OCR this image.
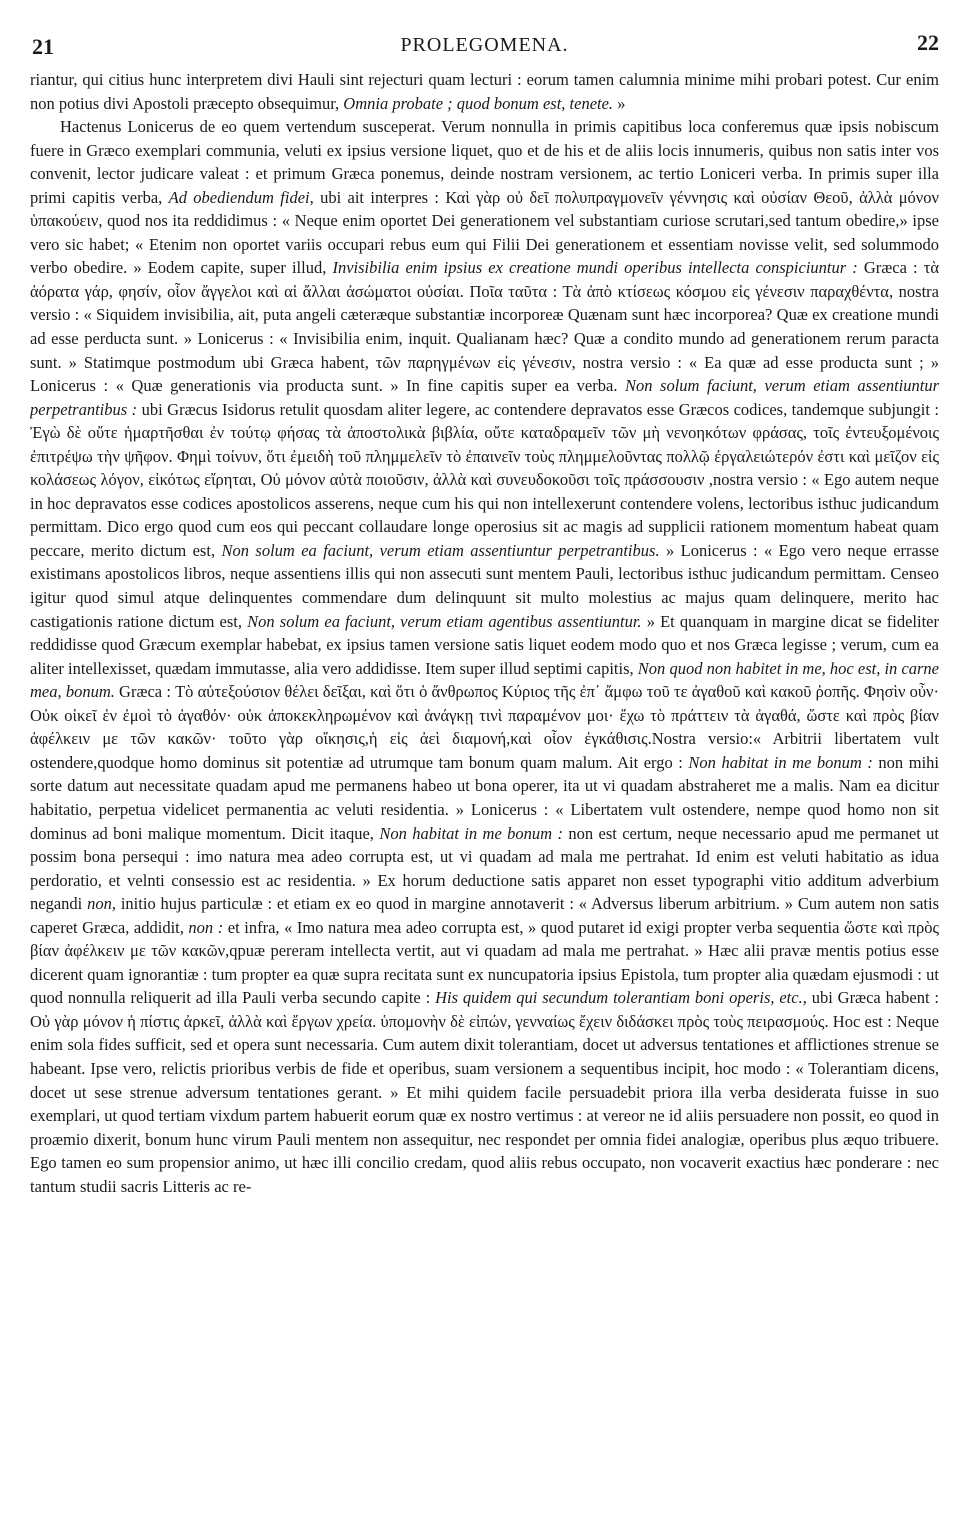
21	PROLEGOMENA.	22

riantur, qui citius hunc interpretem divi Hauli sint rejecturi quam lecturi : eorum tamen calumnia minime mihi probari potest. Cur enim non potius divi Apostoli præcepto obsequimur, Omnia probate ; quod bonum est, tenete. »

Hactenus Lonicerus de eo quem vertendum susceperat. Verum nonnulla in primis capitibus loca conferemus quæ ipsis nobiscum fuere in Græco exemplari communia, veluti ex ipsius versione liquet, quo et de his et de aliis locis innumeris, quibus non satis inter vos convenit, lector judicare valeat : et primum Græca ponemus, deinde nostram versionem, ac tertio Loniceri verba. In primis super illa primi capitis verba, Ad obediendum fidei, ubi ait interpres : Καὶ γὰρ οὐ δεῖ πολυπραγμονεῖν γέννησις καὶ οὐσίαν Θεοῦ, ἀλλὰ μόνον ὑπακούειν, quod nos ita reddidimus : « Neque enim oportet Dei generationem vel substantiam curiose scrutari,sed tantum obedire,» ipse vero sic habet; « Etenim non oportet variis occupari rebus eum qui Filii Dei generationem et essentiam novisse velit, sed solummodo verbo obedire. » Eodem capite, super illud, Invisibilia enim ipsius ex creatione mundi operibus intellecta conspiciuntur : Græca : τὰ ἀόρατα γάρ, φησίν, οἷον ἄγγελοι καὶ αἱ ἄλλαι ἀσώματοι οὐσίαι. Ποῖα ταῦτα : Τὰ ἀπὸ κτίσεως κόσμου εἰς γένεσιν παραχθέντα, nostra versio : « Siquidem invisibilia, ait, puta angeli cæteræque substantiæ incorporeæ Quænam sunt hæc incorporea? Quæ ex creatione mundi ad esse perducta sunt. » Lonicerus : « Invisibilia enim, inquit. Qualianam hæc? Quæ a condito mundo ad generationem rerum paracta sunt. » Statimque postmodum ubi Græca habent, τῶν παρηγμένων εἰς γένεσιν, nostra versio : « Ea quæ ad esse producta sunt ; » Lonicerus : « Quæ generationis via producta sunt. » In fine capitis super ea verba. Non solum faciunt, verum etiam assentiuntur perpetrantibus : ubi Græcus Isidorus retulit quosdam aliter legere, ac contendere depravatos esse Græcos codices, tandemque subjungit : Ἐγὼ δὲ οὔτε ἡμαρτῆσθαι ἐν τούτῳ φήσας τὰ ἀποστολικὰ βιβλία, οὔτε καταδραμεῖν τῶν μὴ νενοηκότων φράσας, τοῖς ἐντευξομένοις ἐπιτρέψω τὴν ψῆφον. Φημὶ τοίνυν, ὅτι ἐμειδὴ τοῦ πλημμελεῖν τὸ ἐπαινεῖν τοὺς πλημμελοῦντας πολλῷ ἐργαλειώτερόν ἐστι καὶ μεῖζον εἰς κολάσεως λόγον, εἰκότως εἴρηται, Οὐ μόνον αὐτὰ ποιοῦσιν, ἀλλὰ καὶ συνευδοκοῦσι τοῖς πράσσουσιν ,nostra versio : « Ego autem neque in hoc depravatos esse codices apostolicos asserens, neque cum his qui non intellexerunt contendere volens, lectoribus isthuc judicandum permittam. Dico ergo quod cum eos qui peccant collaudare longe operosius sit ac magis ad supplicii rationem momentum habeat quam peccare, merito dictum est, Non solum ea faciunt, verum etiam assentiuntur perpetrantibus. » Lonicerus : « Ego vero neque errasse existimans apostolicos libros, neque assentiens illis qui non assecuti sunt mentem Pauli, lectoribus isthuc judicandum permittam. Censeo igitur quod simul atque delinquentes commendare dum delinquunt sit multo molestius ac majus quam delinquere, merito hac castigationis ratione dictum est, Non solum ea faciunt, verum etiam agentibus assentiuntur. » Et quanquam in margine dicat se fideliter reddidisse quod Græcum exemplar habebat, ex ipsius tamen versione satis liquet eodem modo quo et nos Græca legisse ; verum, cum ea aliter intellexisset, quædam immutasse, alia vero addidisse. Item super illud septimi capitis, Non quod non habitet in me, hoc est, in carne mea, bonum. Græca : Τὸ αὐτεξούσιον θέλει δεῖξαι, καὶ ὅτι ὁ ἄνθρωπος Κύριος τῆς ἐπ᾽ ἄμφω τοῦ τε ἀγαθοῦ καὶ κακοῦ ῥοπῆς. Φησὶν οὖν· Οὐκ οἰκεῖ ἐν ἐμοὶ τὸ ἀγαθόν· οὐκ ἀποκεκληρωμένον καὶ ἀνάγκῃ τινὶ παραμένον μοι· ἔχω τὸ πράττειν τὰ ἀγαθά, ὥστε καὶ πρὸς βίαν ἀφέλκειν με τῶν κακῶν· τοῦτο γὰρ οἴκησις,ἡ εἰς ἀεὶ διαμονή,καὶ οἷον ἐγκάθισις.Nostra versio:« Arbitrii libertatem vult ostendere,quodque homo dominus sit potentiæ ad utrumque tam bonum quam malum. Ait ergo : Non habitat in me bonum : non mihi sorte datum aut necessitate quadam apud me permanens habeo ut bona operer, ita ut vi quadam abstraheret me a malis. Nam ea dicitur habitatio, perpetua videlicet permanentia ac veluti residentia. » Lonicerus : « Libertatem vult ostendere, nempe quod homo non sit dominus ad boni malique momentum. Dicit itaque, Non habitat in me bonum : non est certum, neque necessario apud me permanet ut possim bona persequi : imo natura mea adeo corrupta est, ut vi quadam ad mala me pertrahat. Id enim est veluti habitatio as idua perdoratio, et velnti consessio est ac residentia. » Ex horum deductione satis apparet non esset typographi vitio additum adverbium negandi non, initio hujus particulæ : et etiam ex eo quod in margine annotaverit : « Adversus liberum arbitrium. » Cum autem non satis caperet Græca, addidit, non : et infra, « Imo natura mea adeo corrupta est, » quod putaret id exigi propter verba sequentia ὥστε καὶ πρὸς βίαν ἀφέλκειν με τῶν κακῶν,qpuæ pereram intellecta vertit, aut vi quadam ad mala me pertrahat. » Hæc alii pravæ mentis potius esse dicerent quam ignorantiæ : tum propter ea quæ supra recitata sunt ex nuncupatoria ipsius Epistola, tum propter alia quædam ejusmodi : ut quod nonnulla reliquerit ad illa Pauli verba secundo capite : His quidem qui secundum tolerantiam boni operis, etc., ubi Græca habent : Οὐ γὰρ μόνον ἡ πίστις ἀρκεῖ, ἀλλὰ καὶ ἔργων χρεία. ὑπομονὴν δὲ εἰπών, γενναίως ἔχειν διδάσκει πρὸς τοὺς πειρασμούς. Hoc est : Neque enim sola fides sufficit, sed et opera sunt necessaria. Cum autem dixit tolerantiam, docet ut adversus tentationes et afflictiones strenue se habeant. Ipse vero, relictis prioribus verbis de fide et operibus, suam versionem a sequentibus incipit, hoc modo : « Tolerantiam dicens, docet ut sese strenue adversum tentationes gerant. » Et mihi quidem facile persuadebit priora illa verba desiderata fuisse in suo exemplari, ut quod tertiam vixdum partem habuerit eorum quæ ex nostro vertimus : at vereor ne id aliis persuadere non possit, eo quod in proæmio dixerit, bonum hunc virum Pauli mentem non assequitur, nec respondet per omnia fidei analogiæ, operibus plus æquo tribuere. Ego tamen eo sum propensior animo, ut hæc illi concilio credam, quod aliis rebus occupato, non vocaverit exactius hæc ponderare : nec tantum studii sacris Litteris ac re-
